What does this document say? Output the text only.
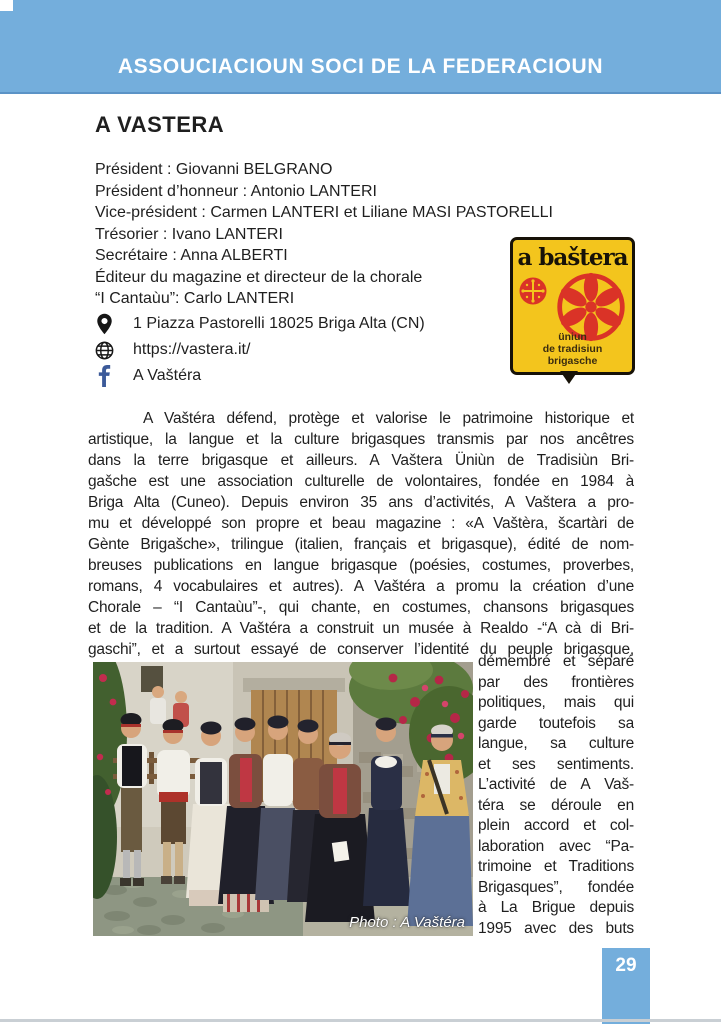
ASSOUCIACIOUN SOCI DE LA FEDERACIOUN
A VASTERA
Président : Giovanni BELGRANO
Président d’honneur : Antonio LANTERI
Vice-président : Carmen LANTERI et Liliane MASI PASTORELLI
Trésorier : Ivano LANTERI
Secrétaire : Anna ALBERTI
Éditeur du magazine et directeur de la chorale
“I Cantaùu”: Carlo LANTERI
1 Piazza Pastorelli 18025 Briga Alta (CN)
https://vastera.it/
A Vaštéra
a baštera
üniun
de tradisiun
brigasche
A Vaštéra défend, protège et valorise le patrimoine historique et
artistique, la langue et la culture brigasques transmis par nos ancêtres
dans la terre brigasque et ailleurs. A Vaštera Üniùn de Tradisiùn Bri-
gašche est une association culturelle de volontaires, fondée en 1984 à
Briga Alta (Cuneo). Depuis environ 35 ans d’activités, A Vaštera a pro-
mu et développé son propre et beau magazine : «A Vaštèra, šcartàri de
Gènte Brigašche», trilingue (italien, français et brigasque), édité de nom-
breuses publications en langue brigasque (poésies, costumes, proverbes,
romans, 4 vocabulaires et autres). A Vaštéra a promu la création d’une
Chorale – “I Cantaùu”-, qui chante, en costumes, chansons brigasques
et de la tradition. A Vaštéra a construit un musée à Realdo -“A cà di Bri-
gaschi”, et a surtout essayé de conserver l’identité du peuple brigasque,
Photo : A Vaštéra
démembré et séparé
par des frontières
politiques, mais qui
garde toutefois sa
langue, sa culture
et ses sentiments.
L’activité de A Vaš-
téra se déroule en
plein accord et col-
laboration avec “Pa-
trimoine et Traditions
Brigasques”, fondée
à La Brigue depuis
1995 avec des buts
29
